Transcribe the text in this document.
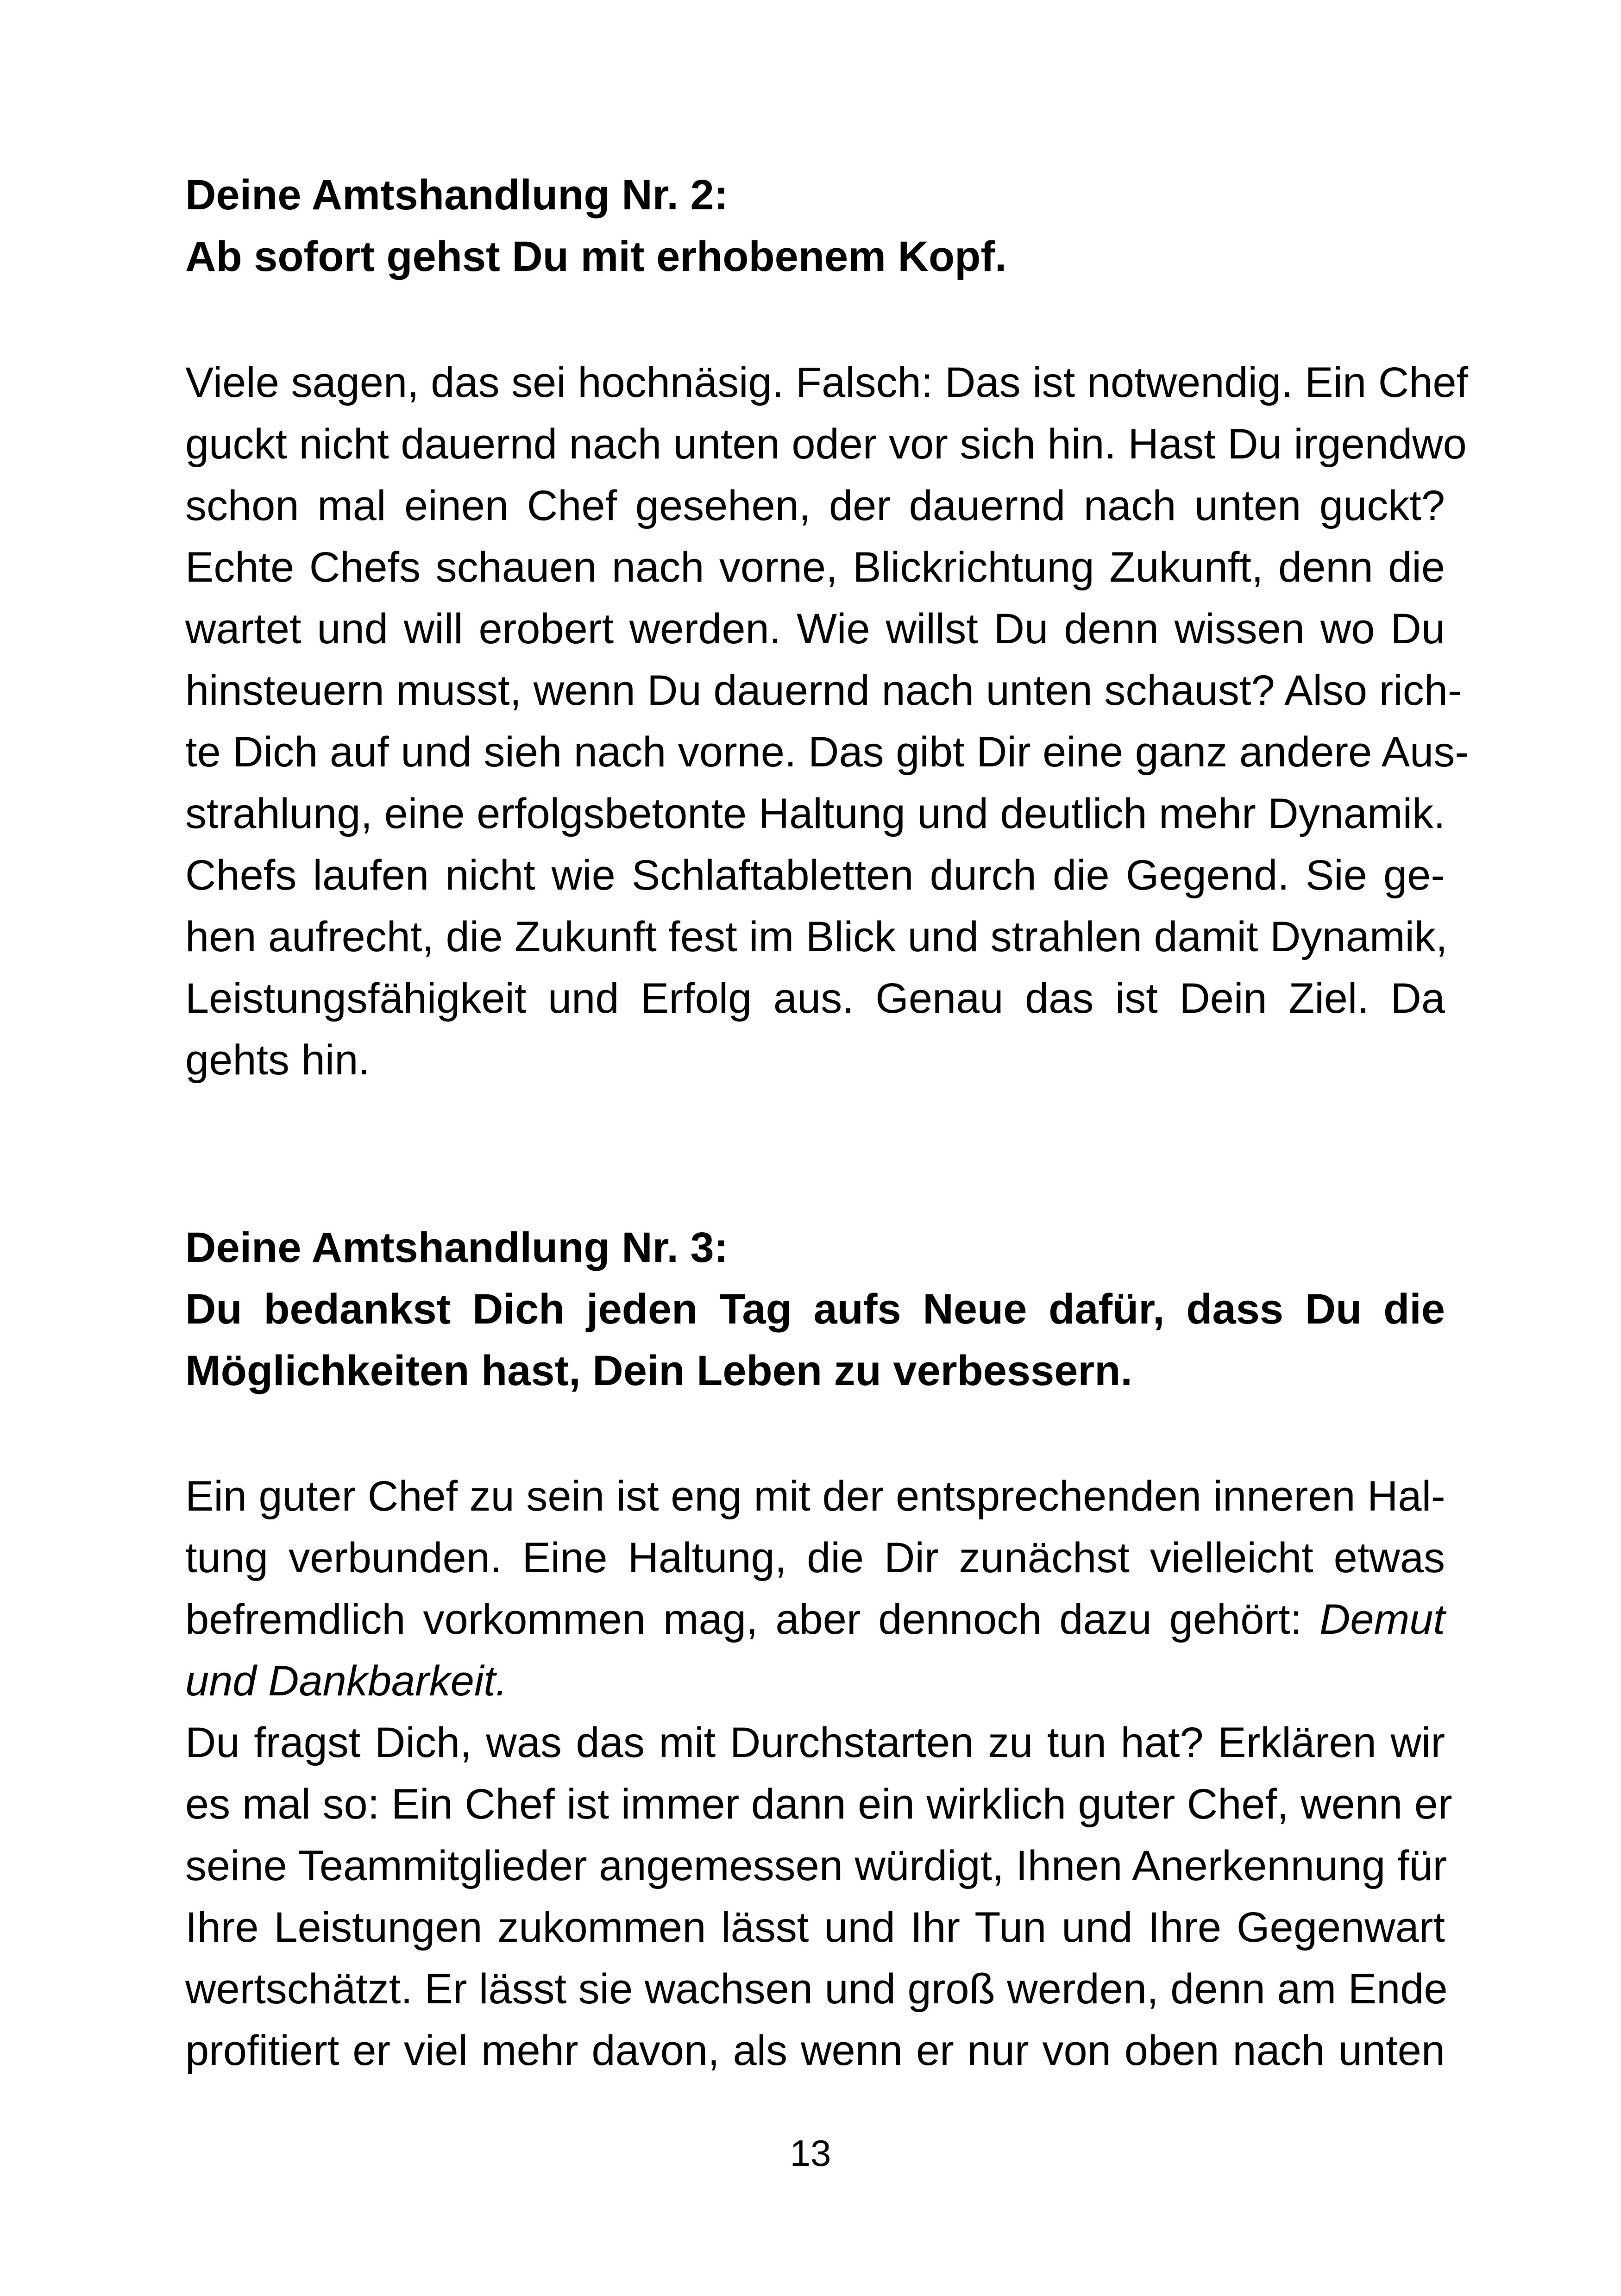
Deine Amtshandlung Nr. 2:
Ab sofort gehst Du mit erhobenem Kopf.
Viele sagen, das sei hochnäsig. Falsch: Das ist notwendig. Ein Chef
guckt nicht dauernd nach unten oder vor sich hin. Hast Du irgendwo
schon mal einen Chef gesehen, der dauernd nach unten guckt?
Echte Chefs schauen nach vorne, Blickrichtung Zukunft, denn die
wartet und will erobert werden. Wie willst Du denn wissen wo Du
hinsteuern musst, wenn Du dauernd nach unten schaust? Also rich-
te Dich auf und sieh nach vorne. Das gibt Dir eine ganz andere Aus-
strahlung, eine erfolgsbetonte Haltung und deutlich mehr Dynamik.
Chefs laufen nicht wie Schlaftabletten durch die Gegend. Sie ge-
hen aufrecht, die Zukunft fest im Blick und strahlen damit Dynamik,
Leistungsfähigkeit und Erfolg aus. Genau das ist Dein Ziel. Da
gehts hin.
Deine Amtshandlung Nr. 3:
Du bedankst Dich jeden Tag aufs Neue dafür, dass Du die
Möglichkeiten hast, Dein Leben zu verbessern.
Ein guter Chef zu sein ist eng mit der entsprechenden inneren Hal-
tung verbunden. Eine Haltung, die Dir zunächst vielleicht etwas
befremdlich vorkommen mag, aber dennoch dazu gehört: Demut
und Dankbarkeit.
Du fragst Dich, was das mit Durchstarten zu tun hat? Erklären wir
es mal so: Ein Chef ist immer dann ein wirklich guter Chef, wenn er
seine Teammitglieder angemessen würdigt, Ihnen Anerkennung für
Ihre Leistungen zukommen lässt und Ihr Tun und Ihre Gegenwart
wertschätzt. Er lässt sie wachsen und groß werden, denn am Ende
profitiert er viel mehr davon, als wenn er nur von oben nach unten
13
